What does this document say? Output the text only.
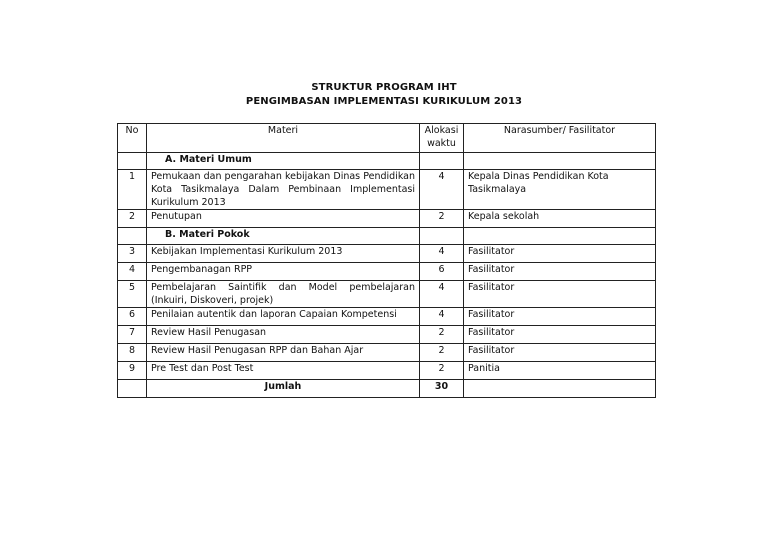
STRUKTUR PROGRAM IHT
PENGIMBASAN IMPLEMENTASI KURIKULUM 2013
No	Materi	Alokasi waktu	Narasumber/ Fasilitator
	A. Materi Umum		
1	Pemukaan dan pengarahan kebijakan Dinas Pendidikan Kota Tasikmalaya Dalam Pembinaan Implementasi Kurikulum 2013	4	Kepala Dinas Pendidikan Kota Tasikmalaya
2	Penutupan	2	Kepala sekolah
	B. Materi Pokok		
3	Kebijakan Implementasi Kurikulum 2013	4	Fasilitator
4	Pengembanagan RPP	6	Fasilitator
5	Pembelajaran Saintifik dan Model pembelajaran (Inkuiri, Diskoveri, projek)	4	Fasilitator
6	Penilaian autentik dan laporan Capaian Kompetensi	4	Fasilitator
7	Review Hasil Penugasan	2	Fasilitator
8	Review Hasil Penugasan RPP dan Bahan Ajar	2	Fasilitator
9	Pre Test dan Post Test	2	Panitia
	Jumlah	30	
